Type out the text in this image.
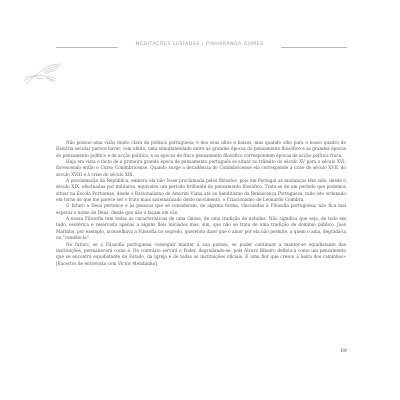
MEDITAÇÕES LUSÍADAS | PINHARANDA GOMES

Não possuo uma visão muito clara da política portuguesa, e dos seus altos e baixos, mas quando olho para o nosso quadro de História secular parece haver, com efeito, uma simultaneidade entre as grandes épocas do pensamento filosófico e as grandes épocas do pensamento político e de acção política, e as épocas de fraco pensamento filosófico correspondem épocas de acção política fraca.

Haja em vista o facto de a primeira grande época de pensamento português se situar no trânsito do século XV para o século XVI, florescendo então o Curso Conimbricense. Quando surge a decadência do Conimbricense ela corresponde à crise do século XVII, do século XVIII e à crise do século XIX.

A proclamação da República, embora ela não fosse proclamada pelos filósofos, pois em Portugal as mudanças têm sido, desde o século XIX, efectuadas por militares, equivaleu um período brilhante do pensamento filosófico. Trata-se de um período que podemos situar na Escola Portuense, desde o Racionalismo de Amorim Viana até ao banditismo da Renascença Portuguesa, tudo isto ordenado em torno do que me parece ser o fruto mais sistematizado deste movimento, o Criacionismo de Leonardo Coimbra.

O futuro a Deus pertence e às pessoas que se consideram, de alguma forma, vinculadas à Filosofia portuguesa, não fica mal esperar o nome de Deus, desde que não o façam em vão.

A nossa Filosofia tem todas as características de uma Gnose, de uma tradição de estudos. Não significa que seja, de todo em tudo, esotérica e reservada apenas a alguns fiéis iniciados mas, sim, que não se trata de uma tradição de domínio público. José Marinho, por exemplo, aconselhava a Filosofia no segredo, querendo dizer que o amor por ela não permite, a quem o ama, degradá-la ou "condêlo-la".

No futuro, se a Filosofia portuguesa conseguir manter a sua pureza, se puder continuar a manter-se equidistante das instituições, permanecerá como é. De contrário servirá o Poder, degradando-se, pois Álvaro Ribeiro definiu-a como um pensamento que se encontra equidistante do Estado, da Igreja e de todas as instituições oficiais. É uma flor que cresce à beira dos caminhos» [Excertos de entrevista com Victor Mendanha].

69
